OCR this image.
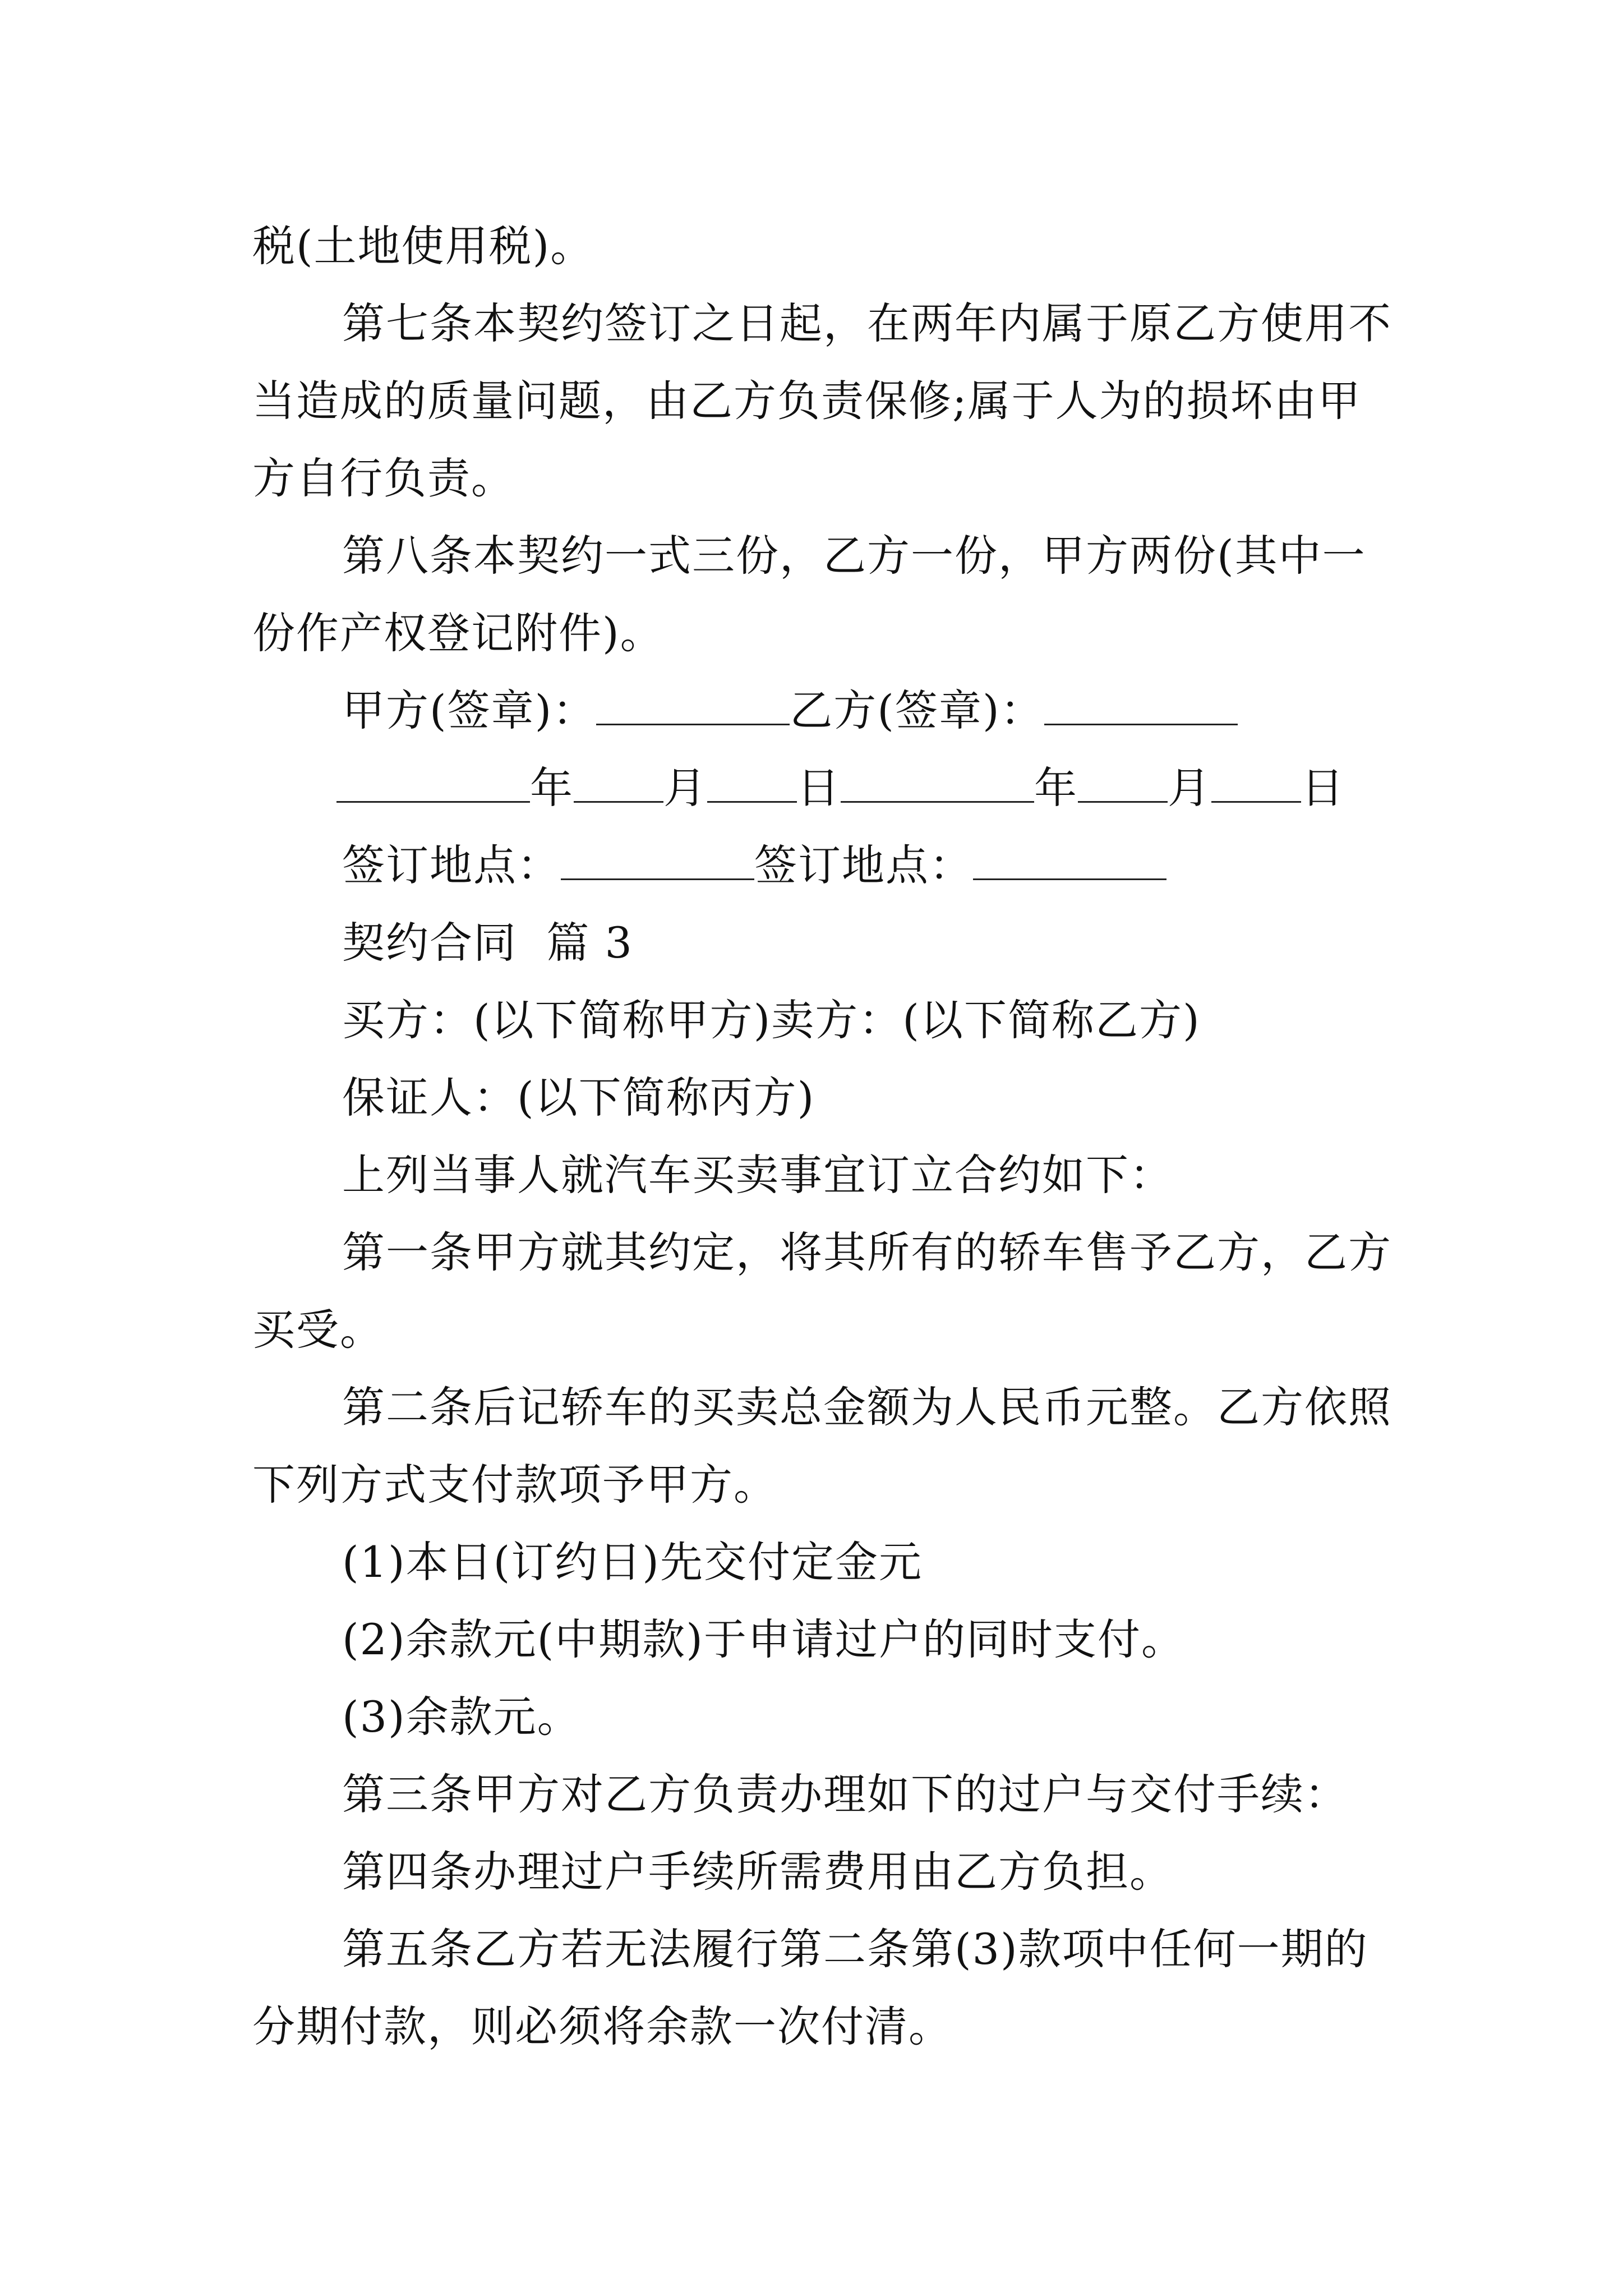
税(土地使用税)。

第七条本契约签订之日起，在两年内属于原乙方使用不当造成的质量问题，由乙方负责保修;属于人为的损坏由甲方自行负责。

第八条本契约一式三份，乙方一份，甲方两份(其中一份作产权登记附件)。

甲方(签章)：	乙方(签章)：

年 月 日	年 月 日

签订地点：	签订地点：

契约合同  篇 3

买方：(以下简称甲方)卖方：(以下简称乙方)

保证人：(以下简称丙方)

上列当事人就汽车买卖事宜订立合约如下：

第一条甲方就其约定，将其所有的轿车售予乙方，乙方买受。

第二条后记轿车的买卖总金额为人民币元整。乙方依照下列方式支付款项予甲方。

(1)本日(订约日)先交付定金元

(2)余款元(中期款)于申请过户的同时支付。

(3)余款元。

第三条甲方对乙方负责办理如下的过户与交付手续：

第四条办理过户手续所需费用由乙方负担。

第五条乙方若无法履行第二条第(3)款项中任何一期的分期付款，则必须将余款一次付清。
